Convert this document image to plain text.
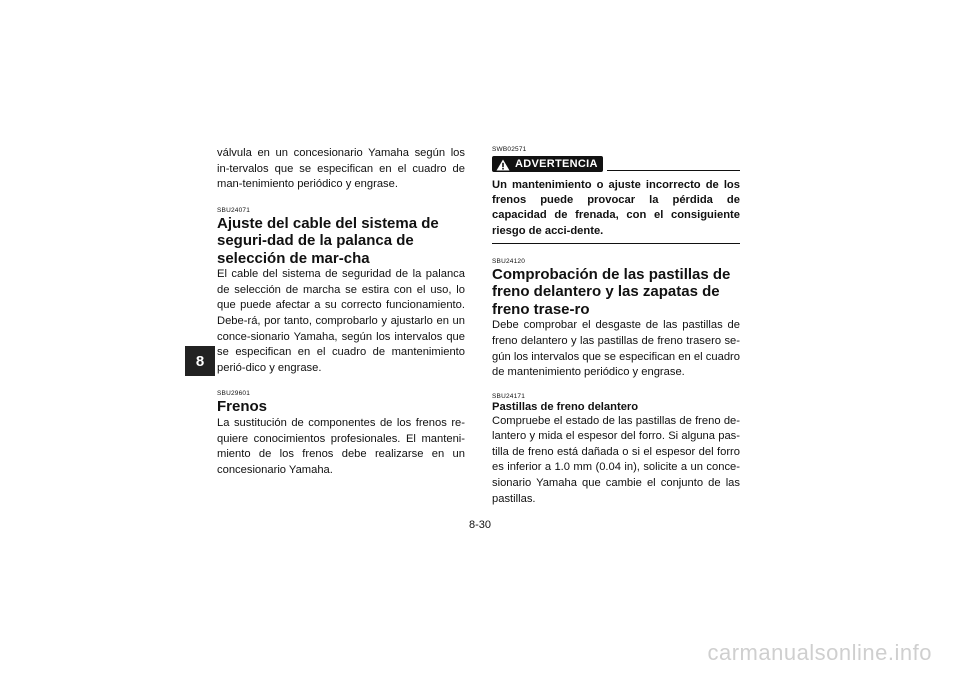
8

válvula en un concesionario Yamaha según los in-tervalos que se especifican en el cuadro de man-tenimiento periódico y engrase.

SBU24071
Ajuste del cable del sistema de seguri-dad de la palanca de selección de mar-cha

El cable del sistema de seguridad de la palanca de selección de marcha se estira con el uso, lo que puede afectar a su correcto funcionamiento. Debe-rá, por tanto, comprobarlo y ajustarlo en un conce-sionario Yamaha, según los intervalos que se especifican en el cuadro de mantenimiento perió-dico y engrase.

SBU29601
Frenos

La sustitución de componentes de los frenos re-quiere conocimientos profesionales. El manteni-miento de los frenos debe realizarse en un concesionario Yamaha.

SWB02571
ADVERTENCIA

Un mantenimiento o ajuste incorrecto de los frenos puede provocar la pérdida de capacidad de frenada, con el consiguiente riesgo de acci-dente.

SBU24120
Comprobación de las pastillas de freno delantero y las zapatas de freno trase-ro

Debe comprobar el desgaste de las pastillas de freno delantero y las pastillas de freno trasero se-gún los intervalos que se especifican en el cuadro de mantenimiento periódico y engrase.

SBU24171
Pastillas de freno delantero

Compruebe el estado de las pastillas de freno de-lantero y mida el espesor del forro. Si alguna pas-tilla de freno está dañada o si el espesor del forro es inferior a 1.0 mm (0.04 in), solicite a un conce-sionario Yamaha que cambie el conjunto de las pastillas.

8-30
carmanualsonline.info
